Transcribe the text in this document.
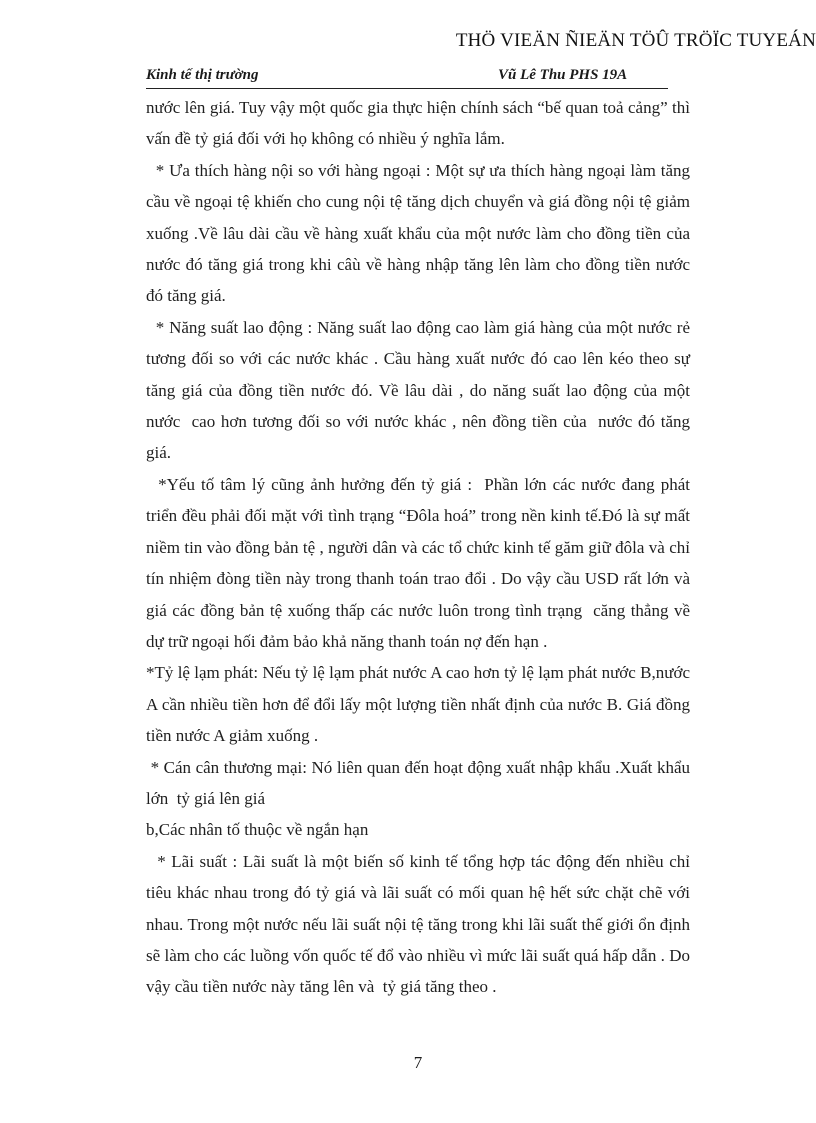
THÖ VIEÄN ÑIEÄN TÖÛ TRÖÏC TUYEÁN
Kinh tế thị trường	Vũ Lê Thu PHS 19A

nước lên giá. Tuy vậy một quốc gia thực hiện chính sách “bế quan toả cảng” thì vấn đề tỷ giá đối với họ không có nhiều ý nghĩa lắm.

* Ưa thích hàng nội so với hàng ngoại : Một sự ưa thích hàng ngoại làm tăng cầu về ngoại tệ khiến cho cung nội tệ tăng dịch chuyển và giá đồng nội tệ giảm xuống .Về lâu dài cầu về hàng xuất khẩu của một nước làm cho đồng tiền của nước đó tăng giá trong khi câù về hàng nhập tăng lên làm cho đồng tiền nước đó tăng giá.

* Năng suất lao động : Năng suất lao động cao làm giá hàng của một nước rẻ tương đối so với các nước khác . Cầu hàng xuất nước đó cao lên kéo theo sự tăng giá của đồng tiền nước đó. Về lâu dài , do năng suất lao động của một nước  cao hơn tương đối so với nước khác , nên đồng tiền của  nước đó tăng giá.

*Yếu tố tâm lý cũng ảnh hưởng đến tỷ giá :  Phần lớn các nước đang phát triển đều phải đối mặt với tình trạng “Đôla hoá” trong nền kinh tế.Đó là sự mất niềm tin vào đồng bản tệ , người dân và các tổ chức kinh tế găm giữ đôla và chỉ tín nhiệm đòng tiền này trong thanh toán trao đổi . Do vậy cầu USD rất lớn và  giá các đồng bản tệ xuống thấp các nước luôn trong tình trạng  căng thẳng về dự trữ ngoại hối đảm bảo khả năng thanh toán nợ đến hạn .

*Tỷ lệ lạm phát: Nếu tỷ lệ lạm phát nước A cao hơn tỷ lệ lạm phát nước B,nước A cần nhiều tiền hơn để đổi lấy một lượng tiền nhất định của nước B. Giá đồng tiền nước A giảm xuống .

* Cán cân thương mại: Nó liên quan đến hoạt động xuất nhập khẩu .Xuất khẩu lớn  tỷ giá lên giá

b,Các nhân tố thuộc về ngắn hạn

* Lãi suất : Lãi suất là một biến số kinh tế tổng hợp tác động đến nhiều chỉ tiêu khác nhau trong đó tỷ giá và lãi suất có mối quan hệ hết sức chặt chẽ với nhau. Trong một nước nếu lãi suất nội tệ tăng trong khi lãi suất thế giới ổn định sẽ làm cho các luồng vốn quốc tế đổ vào nhiều vì mức lãi suất quá hấp dẫn . Do vậy cầu tiền nước này tăng lên và  tỷ giá tăng theo .

7
